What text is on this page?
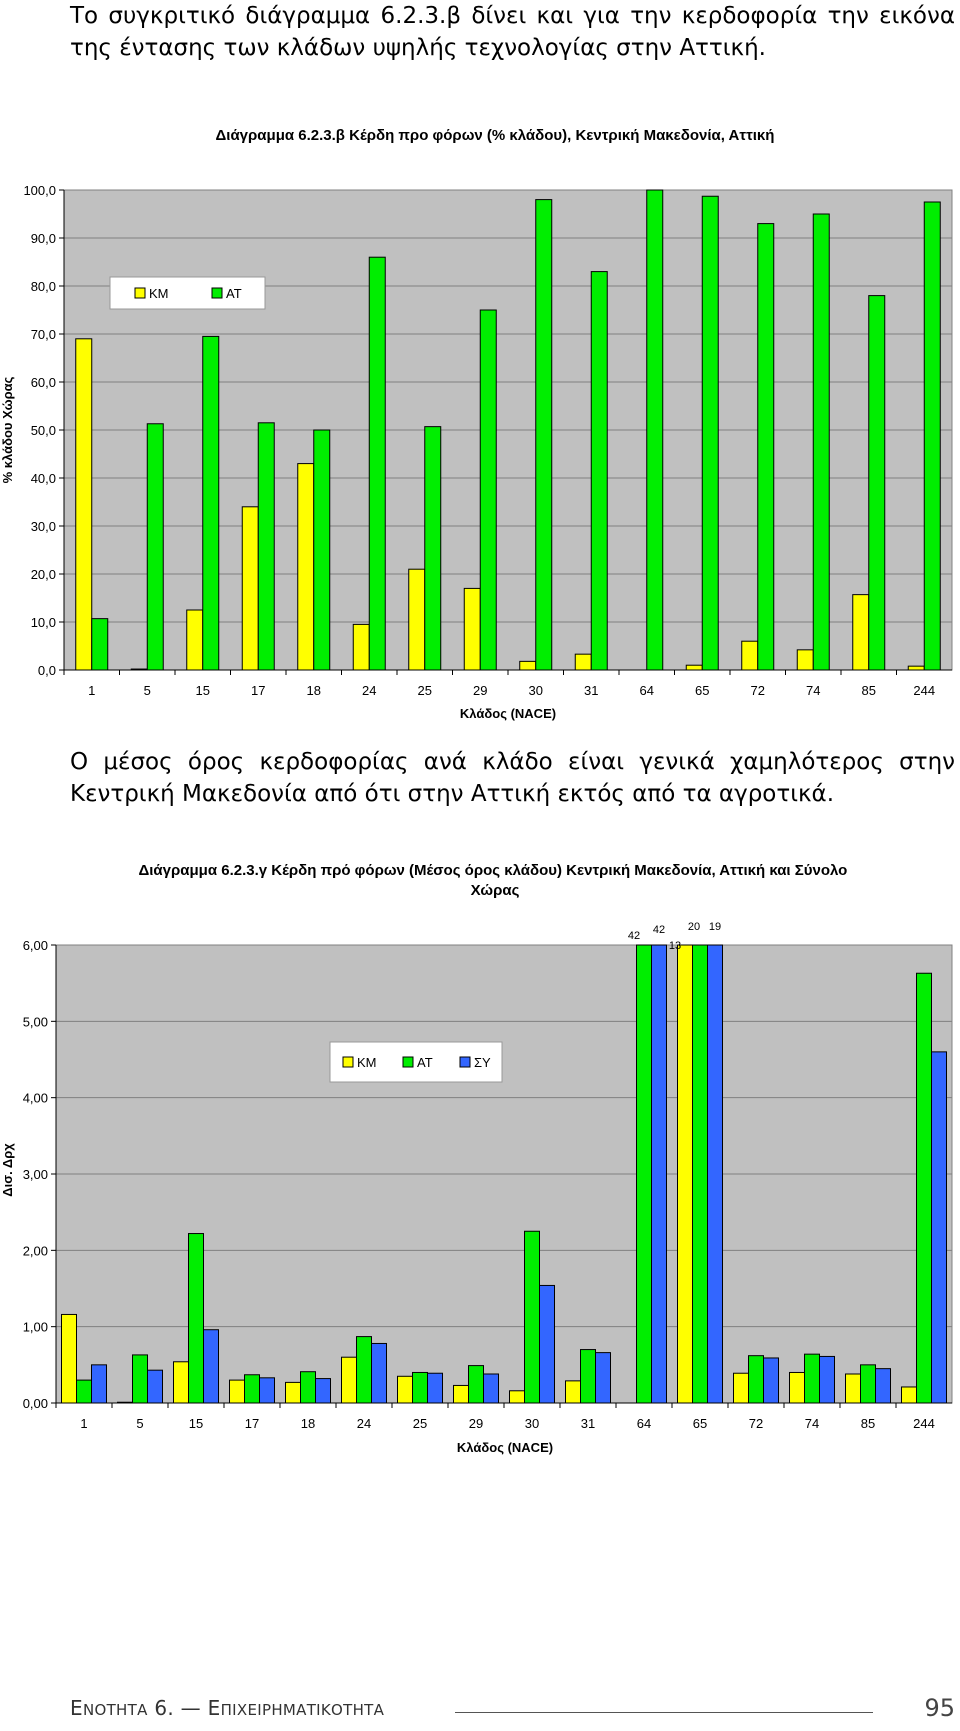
Το συγκριτικό διάγραμμα 6.2.3.β δίνει και για την κερδοφορία την εικόνα της έντασης των κλάδων υψηλής τεχνολογίας στην Αττική.
Διάγραμμα 6.2.3.β Κέρδη προ φόρων (% κλάδου), Κεντρική Μακεδονία, Αττική
0,0
10,0
20,0
30,0
40,0
50,0
60,0
70,0
80,0
90,0
100,0
1	5	15	17	18	24	25	29	30	31	64	65	72	74	85	244
Κλάδος (NACE)
% κλάδου Χώρας
ΚΜ	ΑΤ
Ο μέσος όρος κερδοφορίας ανά κλάδο είναι γενικά χαμηλότερος στην Κεντρική Μακεδονία από ότι στην Αττική εκτός από τα αγροτικά.
Διάγραμμα 6.2.3.γ Κέρδη πρό φόρων (Μέσος όρος κλάδου) Κεντρική Μακεδονία, Αττική και Σύνολο Χώρας
42 42
13
20 19
0,00
1,00
2,00
3,00
4,00
5,00
6,00
1	5	15	17	18	24	25	29	30	31	64	65	72	74	85	244
Κλάδος (NACE)
Δισ. Δρχ
ΚΜ	ΑΤ	ΣΥ
ΕΝΟΤΗΤΑ 6. — ΕΠΙΧΕΙΡΗΜΑΤΙΚΟΤΗΤΑ	95
